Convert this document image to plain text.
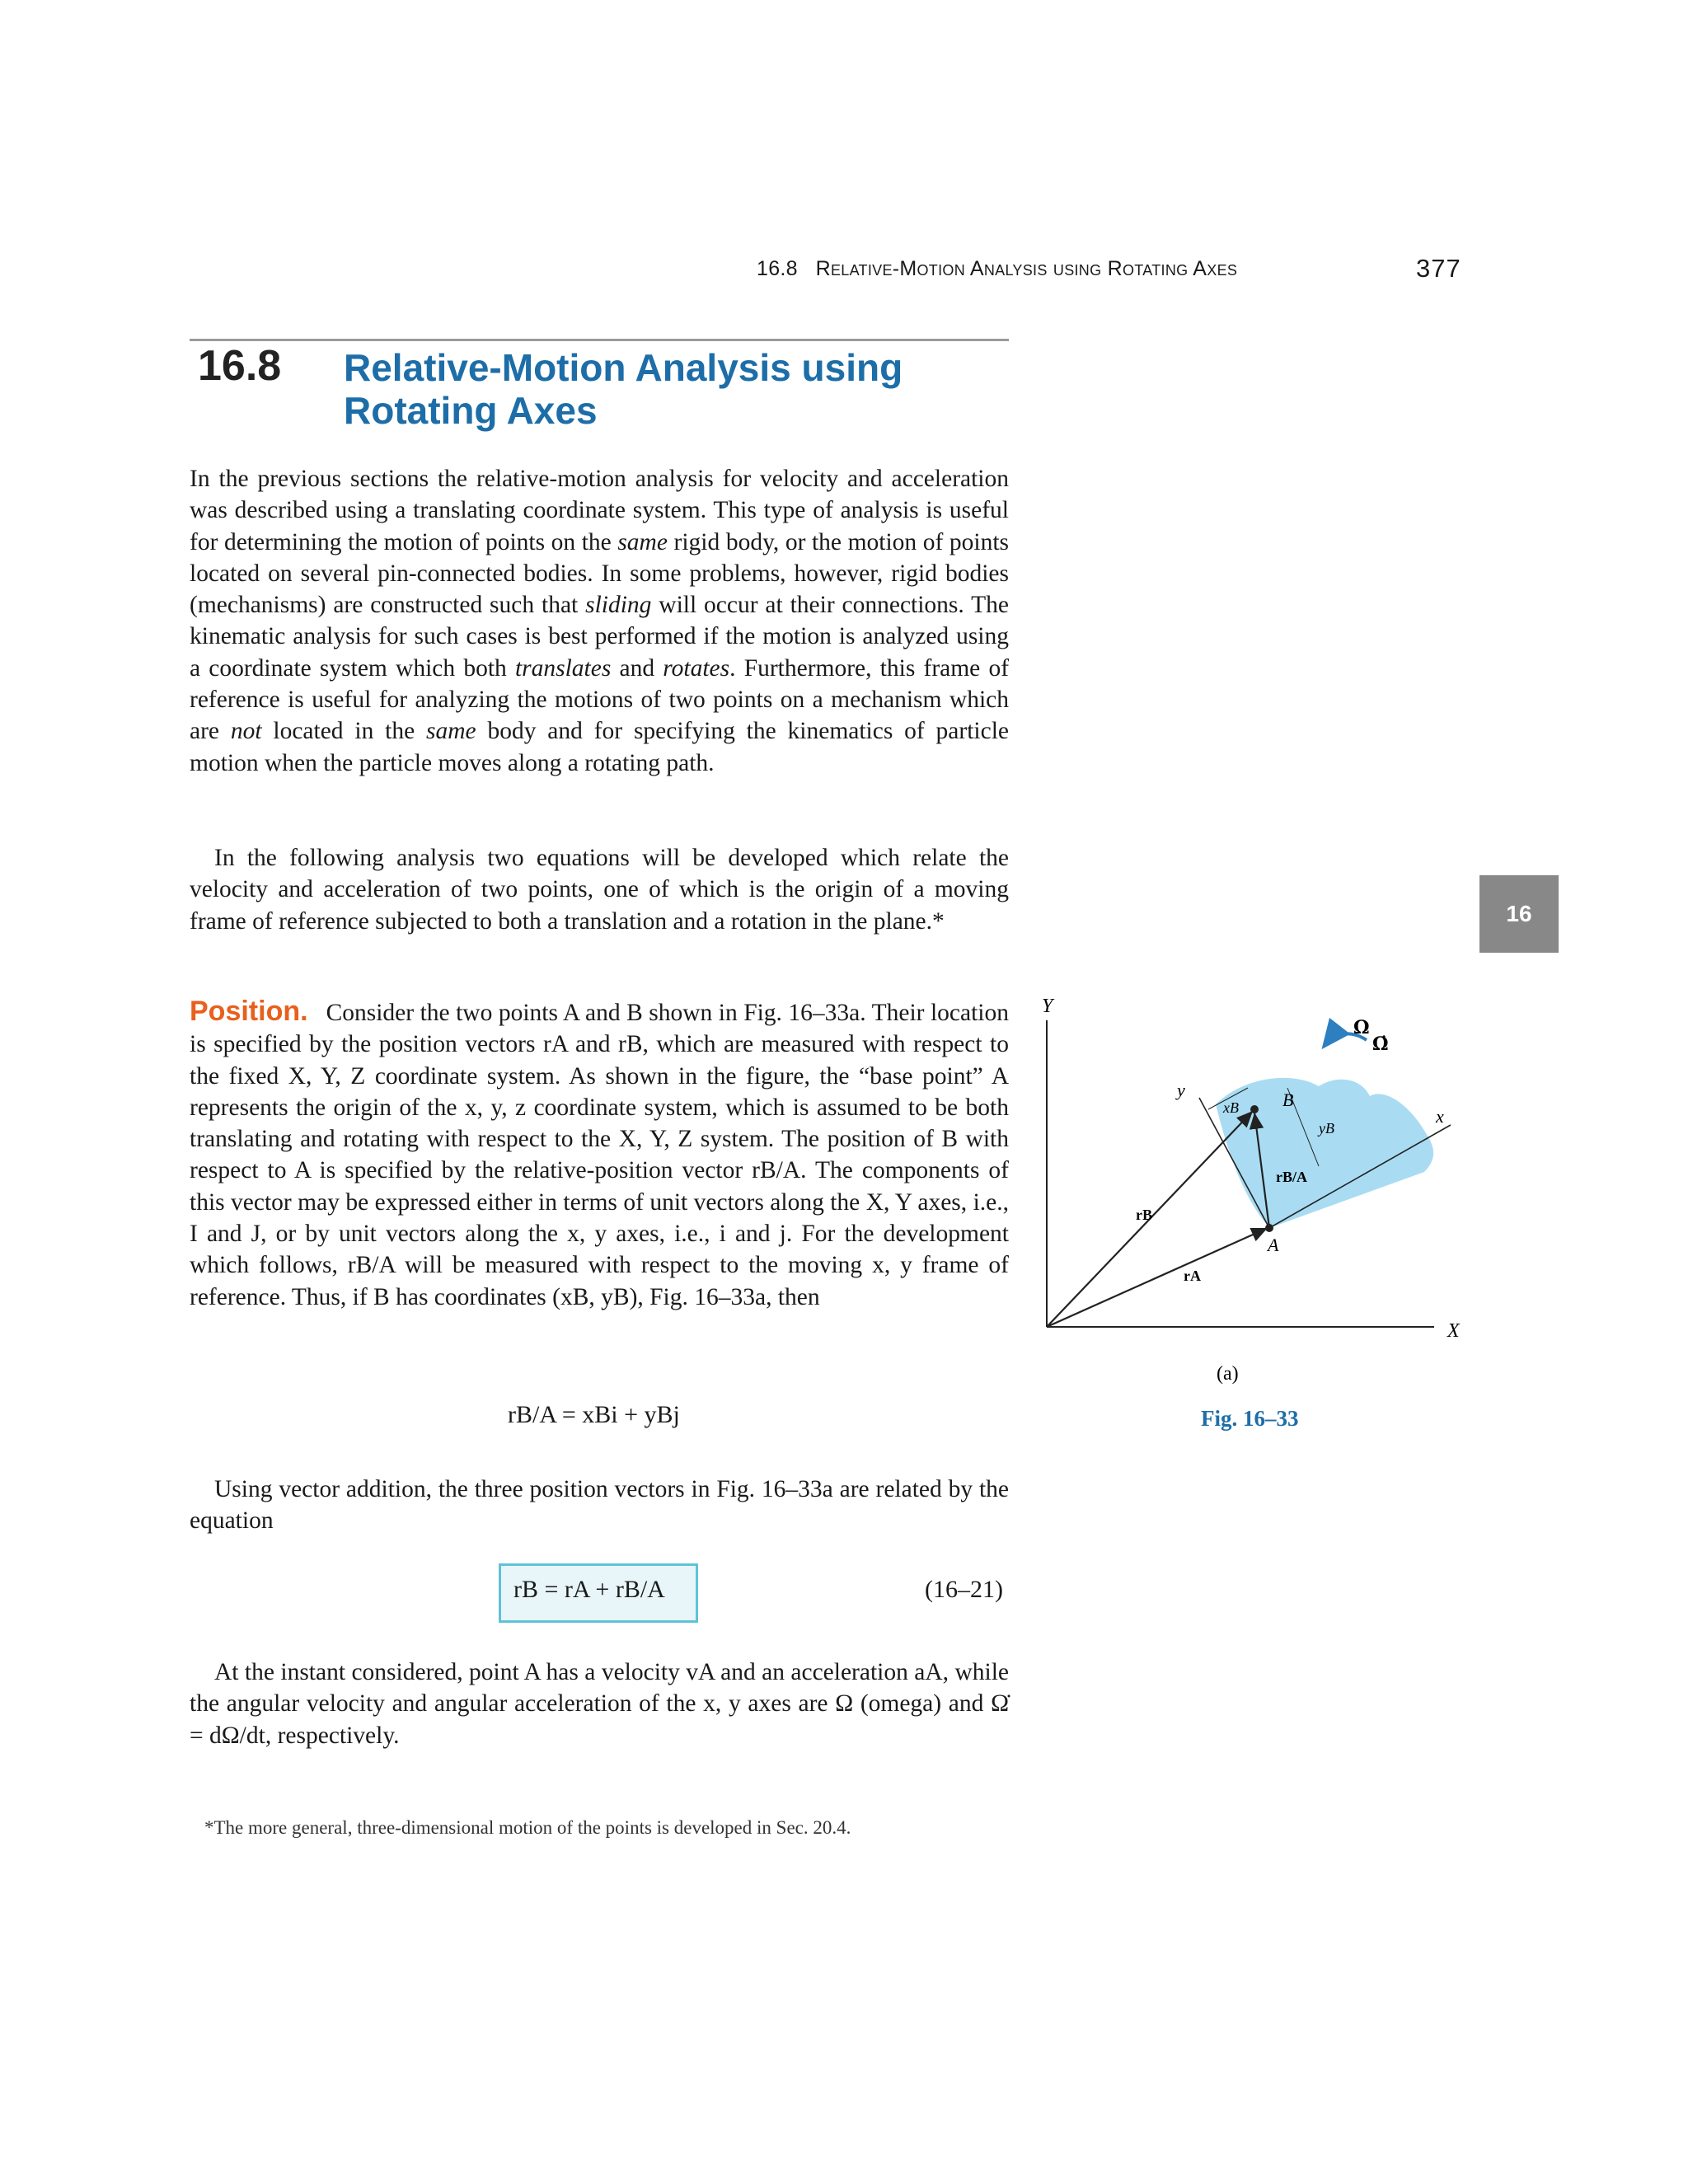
16.8 Relative-Motion Analysis using Rotating Axes	377
16.8 Relative-Motion Analysis using Rotating Axes

In the previous sections the relative-motion analysis for velocity and acceleration was described using a translating coordinate system. This type of analysis is useful for determining the motion of points on the same rigid body, or the motion of points located on several pin-connected bodies. In some problems, however, rigid bodies (mechanisms) are constructed such that sliding will occur at their connections. The kinematic analysis for such cases is best performed if the motion is analyzed using a coordinate system which both translates and rotates. Furthermore, this frame of reference is useful for analyzing the motions of two points on a mechanism which are not located in the same body and for specifying the kinematics of particle motion when the particle moves along a rotating path.

In the following analysis two equations will be developed which relate the velocity and acceleration of two points, one of which is the origin of a moving frame of reference subjected to both a translation and a rotation in the plane.*

Position. Consider the two points A and B shown in Fig. 16–33a. Their location is specified by the position vectors rA and rB, which are measured with respect to the fixed X, Y, Z coordinate system. As shown in the figure, the “base point” A represents the origin of the x, y, z coordinate system, which is assumed to be both translating and rotating with respect to the X, Y, Z system. The position of B with respect to A is specified by the relative-position vector rB/A. The components of this vector may be expressed either in terms of unit vectors along the X, Y axes, i.e., I and J, or by unit vectors along the x, y axes, i.e., i and j. For the development which follows, rB/A will be measured with respect to the moving x, y frame of reference. Thus, if B has coordinates (xB, yB), Fig. 16–33a, then

rB/A = xBi + yBj

Using vector addition, the three position vectors in Fig. 16–33a are related by the equation

rB = rA + rB/A	(16–21)

At the instant considered, point A has a velocity vA and an acceleration aA, while the angular velocity and angular acceleration of the x, y axes are Ω (omega) and Ω̇ = dΩ/dt, respectively.

*The more general, three-dimensional motion of the points is developed in Sec. 20.4.
16
Y
X
y
x
A
B
rA
rB
rB/A
xB
yB
Ω
Ω̇
(a)
Fig. 16–33
